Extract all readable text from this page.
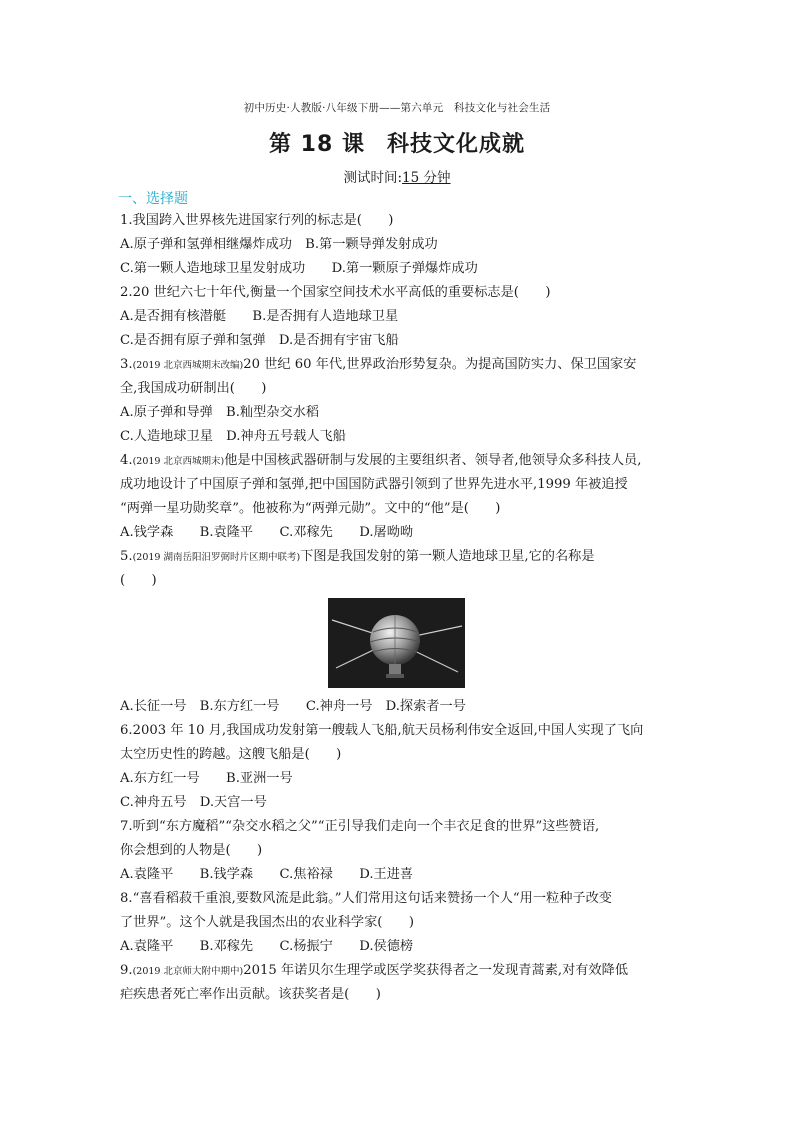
初中历史·人教版·八年级下册——第六单元　科技文化与社会生活
第 18 课 科技文化成就
测试时间:15 分钟
一、选择题
1.我国跨入世界核先进国家行列的标志是(　　)
A.原子弹和氢弹相继爆炸成功　B.第一颗导弹发射成功
C.第一颗人造地球卫星发射成功　　D.第一颗原子弹爆炸成功
2.20 世纪六七十年代,衡量一个国家空间技术水平高低的重要标志是(　　)
A.是否拥有核潜艇　　B.是否拥有人造地球卫星
C.是否拥有原子弹和氢弹　D.是否拥有宇宙飞船
3.(2019 北京西城期末改编)20 世纪 60 年代,世界政治形势复杂。为提高国防实力、保卫国家安
全,我国成功研制出(　　)
A.原子弹和导弹　B.籼型杂交水稻
C.人造地球卫星　D.神舟五号载人飞船
4.(2019 北京西城期末)他是中国核武器研制与发展的主要组织者、领导者,他领导众多科技人员,
成功地设计了中国原子弹和氢弹,把中国国防武器引领到了世界先进水平,1999 年被追授
“两弹一星功勋奖章”。他被称为“两弹元勋”。文中的“他”是(　　)
A.钱学森　　B.袁隆平　　C.邓稼先　　D.屠呦呦
5.(2019 湖南岳阳汨罗弼时片区期中联考)下图是我国发射的第一颗人造地球卫星,它的名称是
(　　)
A.长征一号　B.东方红一号　　C.神舟一号　D.探索者一号
6.2003 年 10 月,我国成功发射第一艘载人飞船,航天员杨利伟安全返回,中国人实现了飞向
太空历史性的跨越。这艘飞船是(　　)
A.东方红一号　　B.亚洲一号
C.神舟五号　D.天宫一号
7.听到“东方魔稻”“杂交水稻之父”“正引导我们走向一个丰衣足食的世界”这些赞语,
你会想到的人物是(　　)
A.袁隆平　　B.钱学森　　C.焦裕禄　　D.王进喜
8.“喜看稻菽千重浪,要数风流是此翁。”人们常用这句话来赞扬一个人“用一粒种子改变
了世界”。这个人就是我国杰出的农业科学家(　　)
A.袁隆平　　B.邓稼先　　C.杨振宁　　D.侯德榜
9.(2019 北京师大附中期中)2015 年诺贝尔生理学或医学奖获得者之一发现青蒿素,对有效降低
疟疾患者死亡率作出贡献。该获奖者是(　　)
